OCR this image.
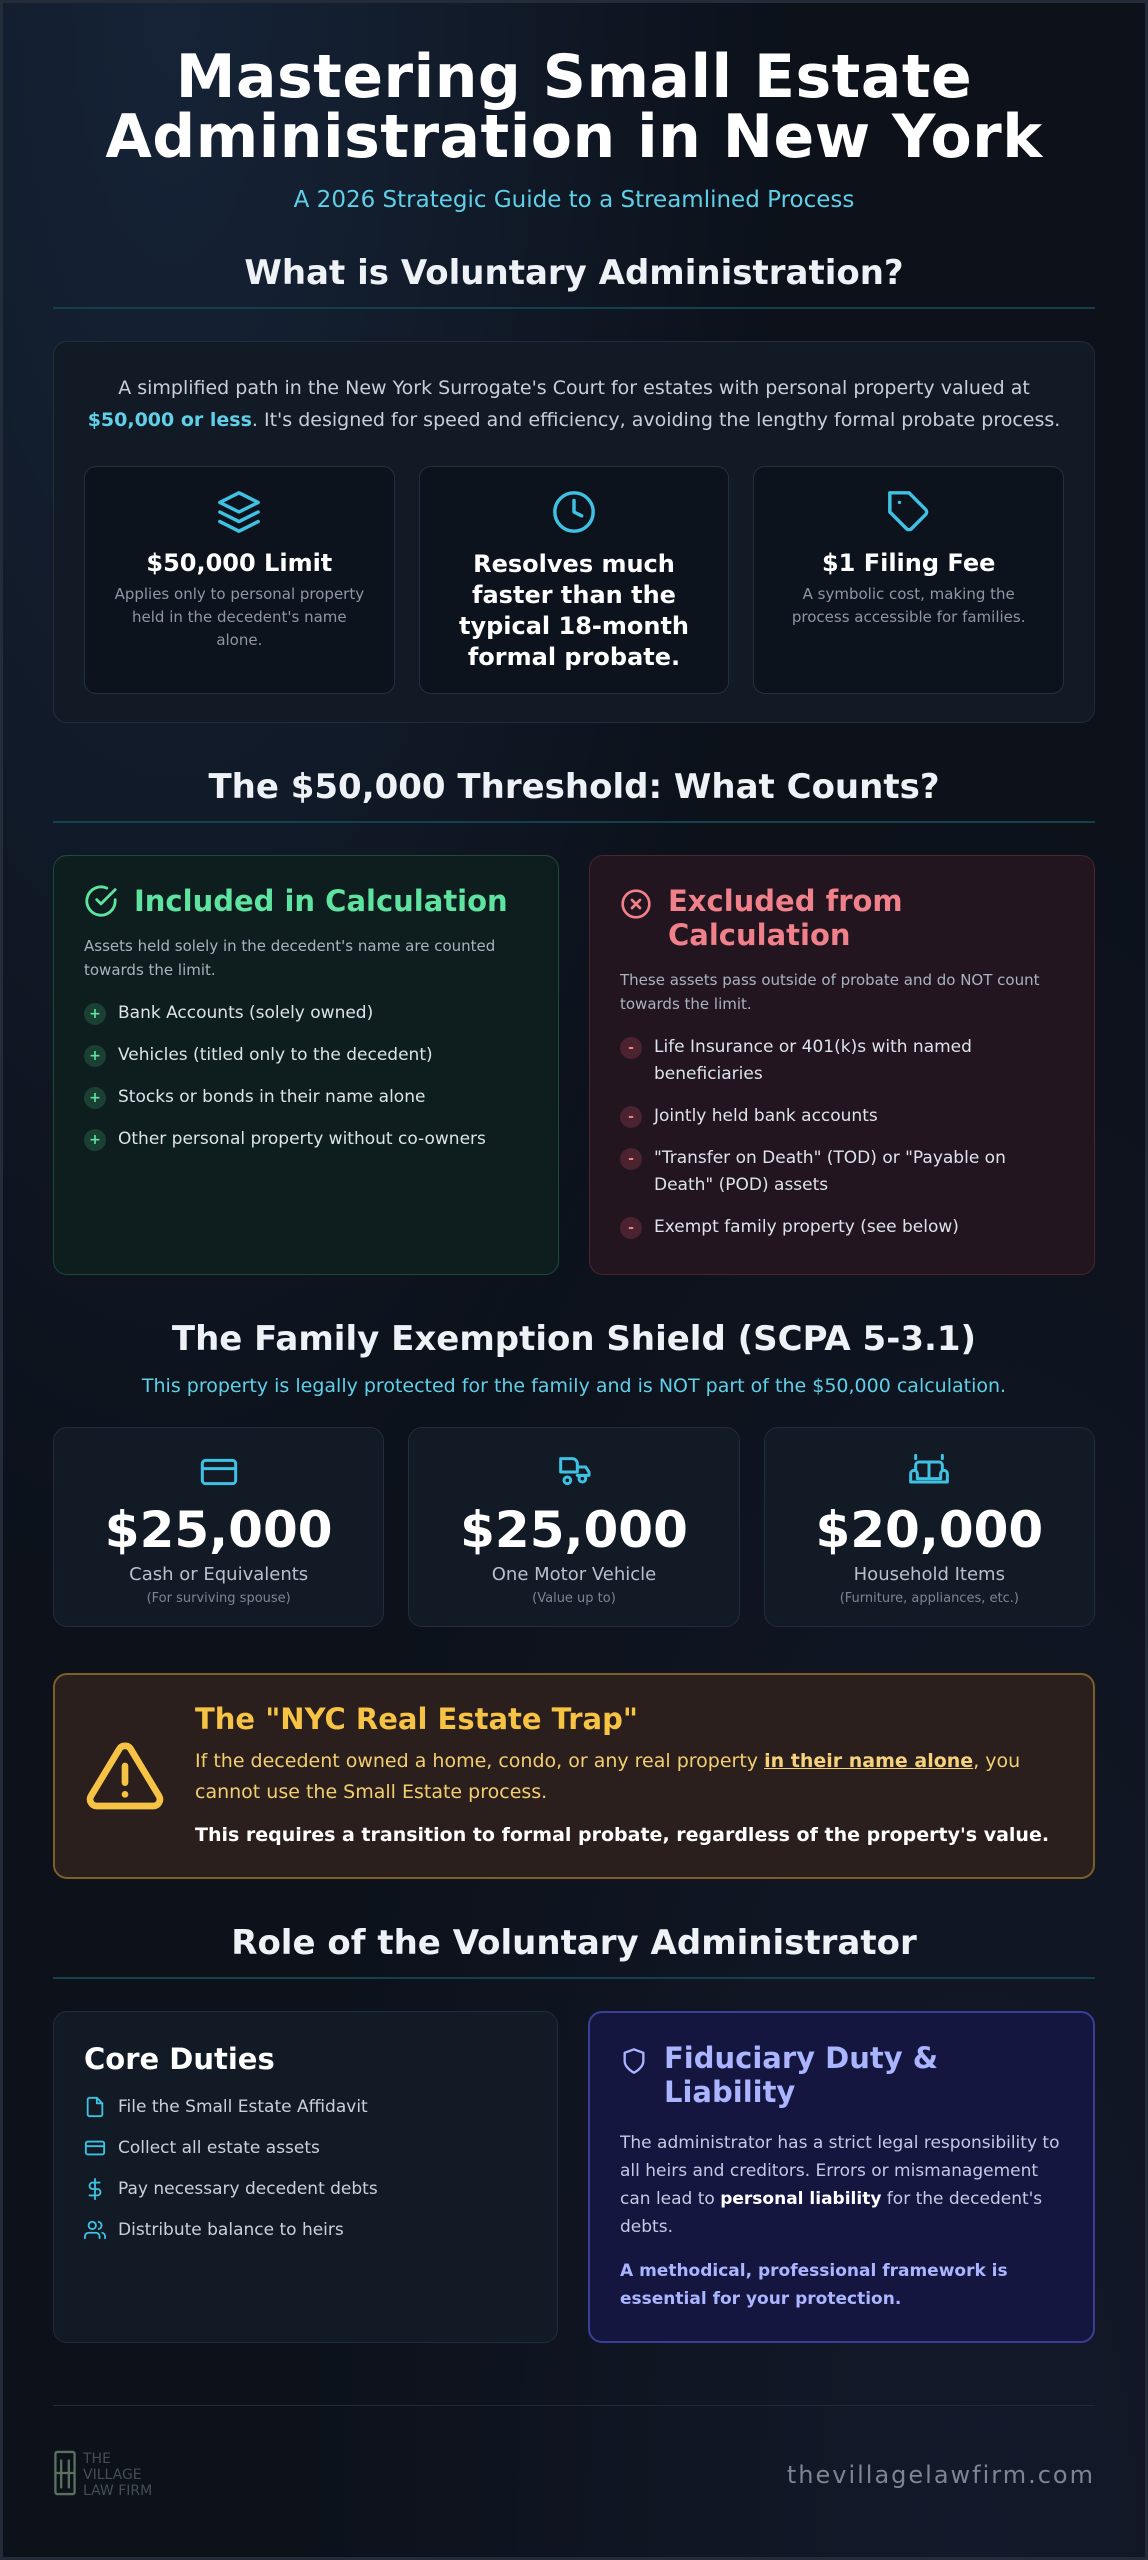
Mastering Small Estate
Administration in New York
A 2026 Strategic Guide to a Streamlined Process
What is Voluntary Administration?

A simplified path in the New York Surrogate's Court for estates with personal property valued at $50,000 or less. It's designed for speed and efficiency, avoiding the lengthy formal probate process.

$50,000 Limit

Applies only to personal property held in the decedent's name alone.

Resolves much faster than the typical 18-month formal probate.
$1 Filing Fee

A symbolic cost, making the process accessible for families.

The $50,000 Threshold: What Counts?
Included in Calculation

Assets held solely in the decedent's name are counted towards the limit.

+	Bank Accounts (solely owned)
+	Vehicles (titled only to the decedent)
+	Stocks or bonds in their name alone
+	Other personal property without co-owners
Excluded from Calculation

These assets pass outside of probate and do NOT count towards the limit.

-	Life Insurance or 401(k)s with named beneficiaries
-	Jointly held bank accounts
-	"Transfer on Death" (TOD) or "Payable on Death" (POD) assets
-	Exempt family property (see below)
The Family Exemption Shield (SCPA 5-3.1)

This property is legally protected for the family and is NOT part of the $50,000 calculation.

$25,000
Cash or Equivalents
(For surviving spouse)
$25,000
One Motor Vehicle
(Value up to)
$20,000
Household Items
(Furniture, appliances, etc.)
The "NYC Real Estate Trap"

If the decedent owned a home, condo, or any real property in their name alone, you cannot use the Small Estate process.

This requires a transition to formal probate, regardless of the property's value.

Role of the Voluntary Administrator
Core Duties
File the Small Estate Affidavit
Collect all estate assets
Pay necessary decedent debts
Distribute balance to heirs
Fiduciary Duty & Liability

The administrator has a strict legal responsibility to all heirs and creditors. Errors or mismanagement can lead to personal liability for the decedent's debts.

A methodical, professional framework is essential for your protection.

THE
VILLAGE
LAW FIRM
thevillagelawfirm.com
